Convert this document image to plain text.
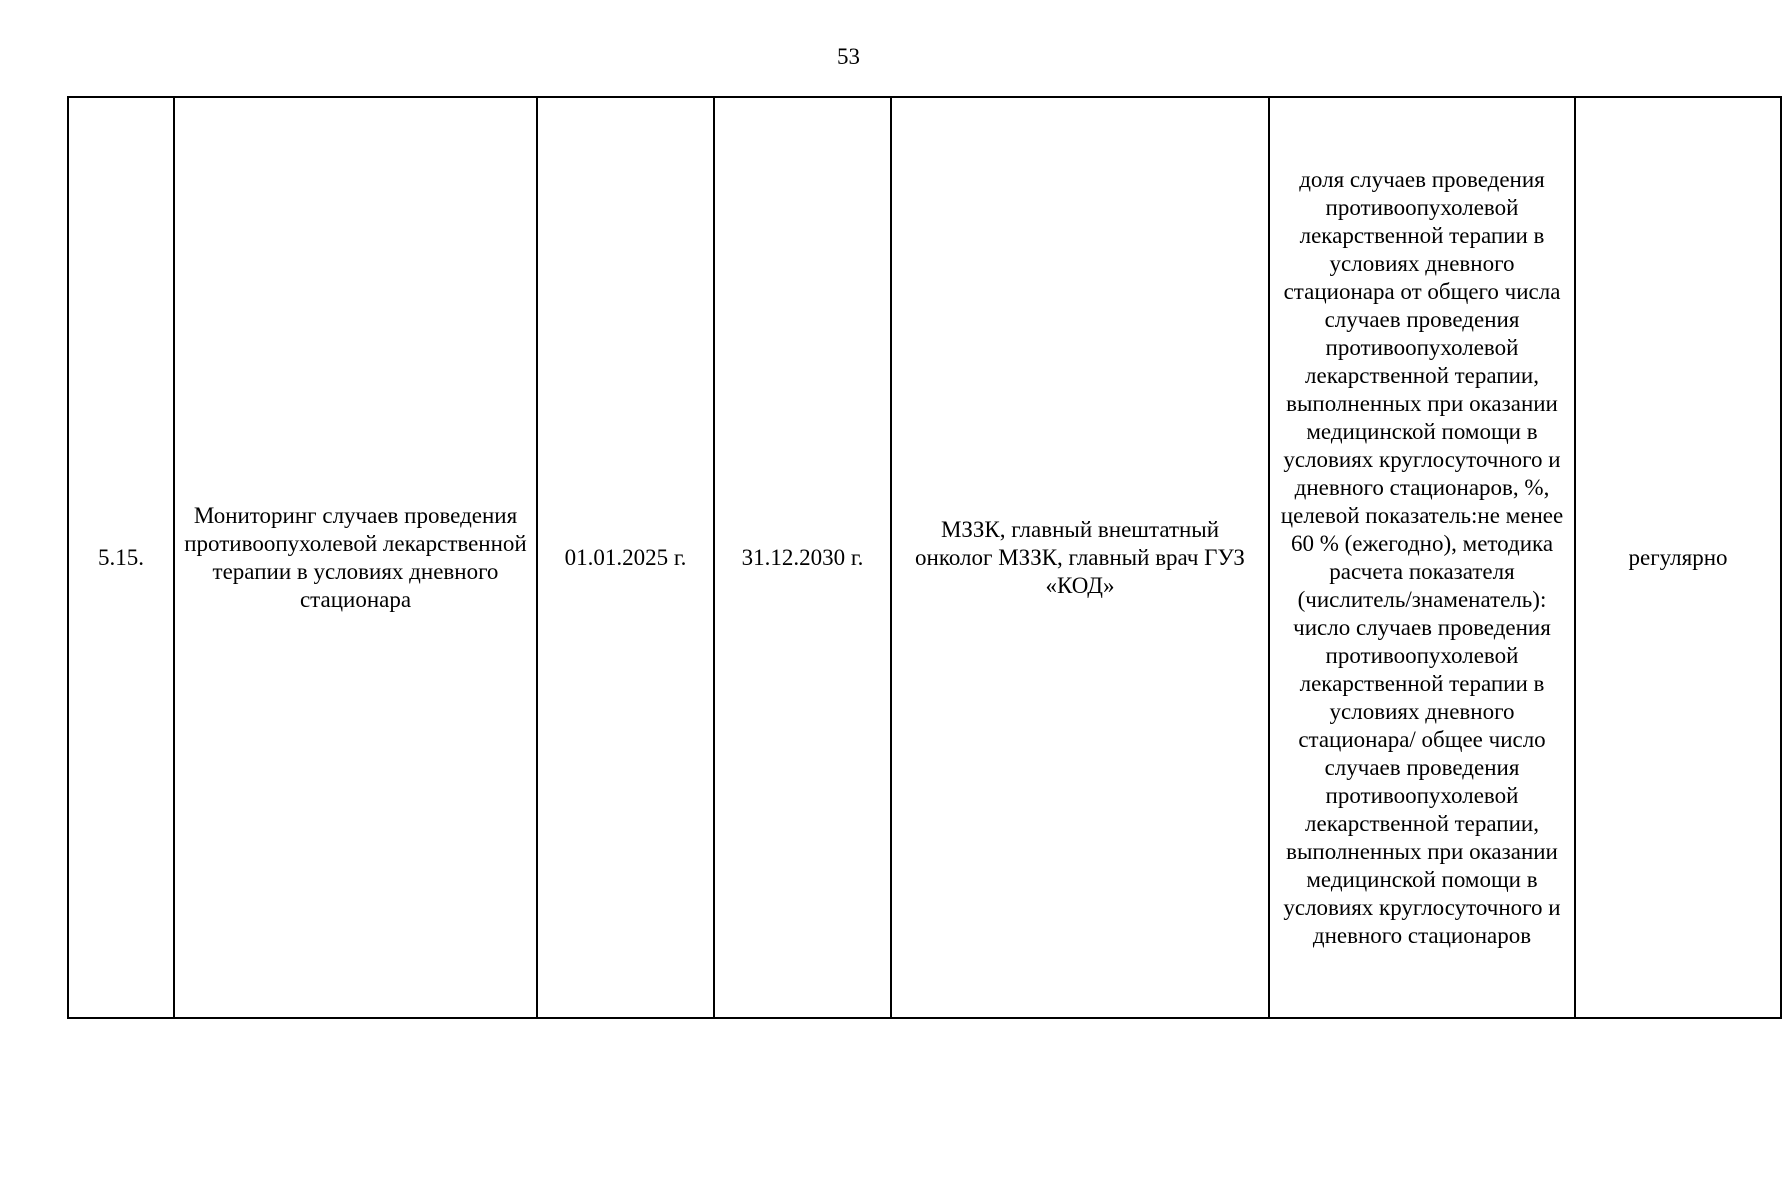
53
5.15.	Мониторинг случаев проведения противоопухолевой лекарственной терапии в условиях дневного стационара	01.01.2025 г.	31.12.2030 г.	МЗЗК, главный внештатный онколог МЗЗК, главный врач ГУЗ «КОД»	доля случаев проведения противоопухолевой лекарственной терапии в условиях дневного стационара от общего числа случаев проведения противоопухолевой лекарственной терапии, выполненных при оказании медицинской помощи в условиях круглосуточного и дневного стационаров, %, целевой показатель:не менее 60 % (ежегодно), методика расчета показателя (числитель/знаменатель): число случаев проведения противоопухолевой лекарственной терапии в условиях дневного стационара/ общее число случаев проведения противоопухолевой лекарственной терапии, выполненных при оказании медицинской помощи в условиях круглосуточного и дневного стационаров	регулярно
